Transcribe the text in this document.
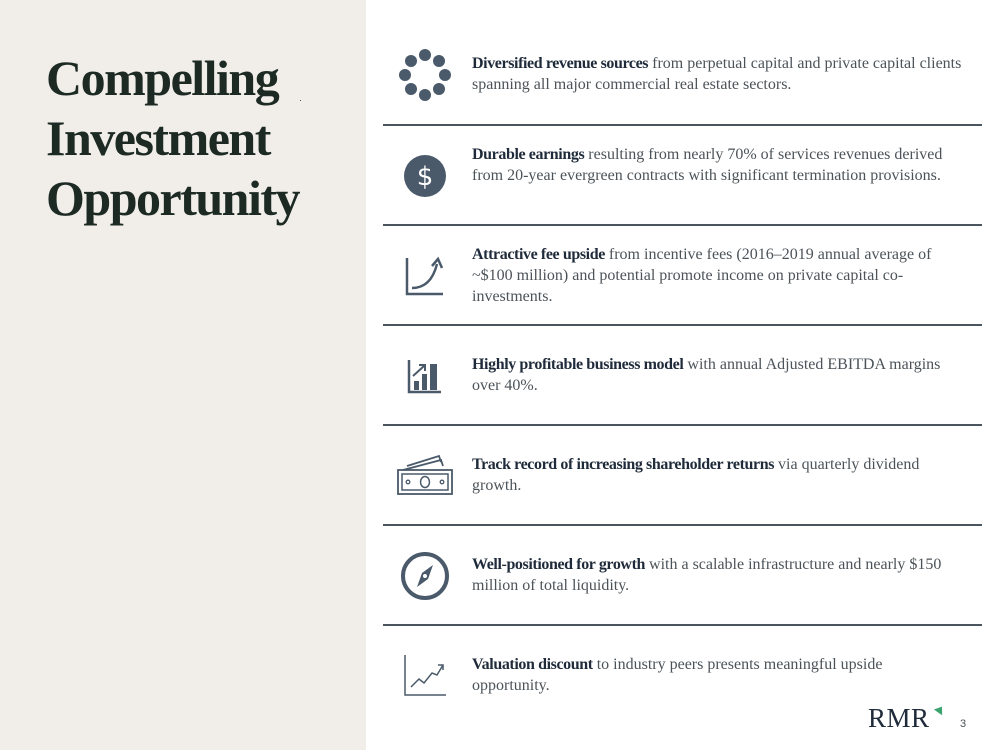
Compelling
Investment
Opportunity
Diversified revenue sources from perpetual capital and private capital clients spanning all major commercial real estate sectors.
$
Durable earnings resulting from nearly 70% of services revenues derived from 20-year evergreen contracts with significant termination provisions.
Attractive fee upside from incentive fees (2016–2019 annual average of ~$100 million) and potential promote income on private capital co-investments.
Highly profitable business model with annual Adjusted EBITDA margins over 40%.
Track record of increasing shareholder returns via quarterly dividend growth.
Well-positioned for growth with a scalable infrastructure and nearly $150 million of total liquidity.
Valuation discount to industry peers presents meaningful upside opportunity.
RMR	3
